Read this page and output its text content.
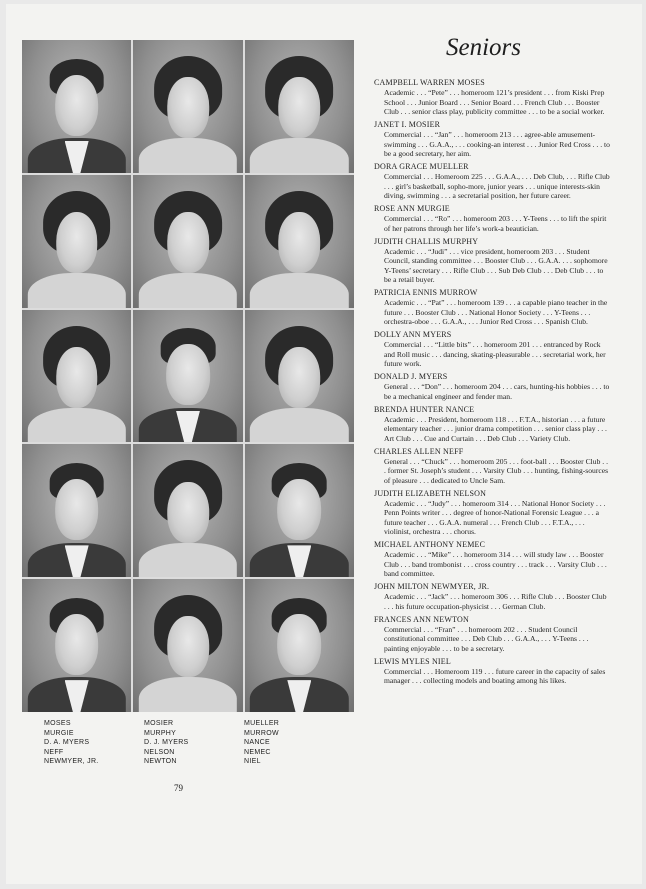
MOSES
MURGIE
D. A. MYERS
NEFF
NEWMYER, JR.
MOSIER
MURPHY
D. J. MYERS
NELSON
NEWTON
MUELLER
MURROW
NANCE
NEMEC
NIEL
79
Seniors
CAMPBELL WARREN MOSES
Academic . . . “Pete” . . . homeroom 121’s president . . . from Kiski Prep School . . . Junior Board . . . Senior Board . . . French Club . . . Booster Club . . . senior class play, publicity committee . . . to be a social worker.
JANET I. MOSIER
Commercial . . . “Jan” . . . homeroom 213 . . . agree-able amusement-swimming . . . G.A.A., . . . cooking-an interest . . . Junior Red Cross . . . to be a good secretary, her aim.
DORA GRACE MUELLER
Commercial . . . Homeroom 225 . . . G.A.A., . . . Deb Club, . . . Rifle Club . . . girl’s basketball, sopho-more, junior years . . . unique interests-skin diving, swimming . . . a secretarial position, her future career.
ROSE ANN MURGIE
Commercial . . . “Ro” . . . homeroom 203 . . . Y-Teens . . . to lift the spirit of her patrons through her life’s work-a beautician.
JUDITH CHALLIS MURPHY
Academic . . . “Judi” . . . vice president, homeroom 203 . . . Student Council, standing committee . . . Booster Club . . . G.A.A. . . . sophomore Y-Teens’ secretary . . . Rifle Club . . . Sub Deb Club . . . Deb Club . . . to be a retail buyer.
PATRICIA ENNIS MURROW
Academic . . . “Pat” . . . homeroom 139 . . . a capable piano teacher in the future . . . Booster Club . . . National Honor Society . . . Y-Teens . . . orchestra-oboe . . . G.A.A., . . . Junior Red Cross . . . Spanish Club.
DOLLY ANN MYERS
Commercial . . . “Little bits” . . . homeroom 201 . . . entranced by Rock and Roll music . . . dancing, skating-pleasurable . . . secretarial work, her future work.
DONALD J. MYERS
General . . . “Don” . . . homeroom 204 . . . cars, hunting-his hobbies . . . to be a mechanical engineer and fender man.
BRENDA HUNTER NANCE
Academic . . . President, homeroom 118 . . . F.T.A., historian . . . a future elementary teacher . . . junior drama competition . . . senior class play . . . Art Club . . . Cue and Curtain . . . Deb Club . . . Variety Club.
CHARLES ALLEN NEFF
General . . . “Chuck” . . . homeroom 205 . . . foot-ball . . . Booster Club . . . former St. Joseph’s student . . . Varsity Club . . . hunting, fishing-sources of pleasure . . . dedicated to Uncle Sam.
JUDITH ELIZABETH NELSON
Academic . . . “Judy” . . . homeroom 314 . . . National Honor Society . . . Penn Points writer . . . degree of honor-National Forensic League . . . a future teacher . . . G.A.A. numeral . . . French Club . . . F.T.A., . . . violinist, orchestra . . . chorus.
MICHAEL ANTHONY NEMEC
Academic . . . “Mike” . . . homeroom 314 . . . will study law . . . Booster Club . . . band trombonist . . . cross country . . . track . . . Varsity Club . . . band committee.
JOHN MILTON NEWMYER, JR.
Academic . . . “Jack” . . . homeroom 306 . . . Rifle Club . . . Booster Club . . . his future occupation-physicist . . . German Club.
FRANCES ANN NEWTON
Commercial . . . “Fran” . . . homeroom 202 . . . Student Council constitutional committee . . . Deb Club . . . G.A.A., . . . Y-Teens . . . painting enjoyable . . . to be a secretary.
LEWIS MYLES NIEL
Commercial . . . Homeroom 119 . . . future career in the capacity of sales manager . . . collecting models and boating among his likes.
